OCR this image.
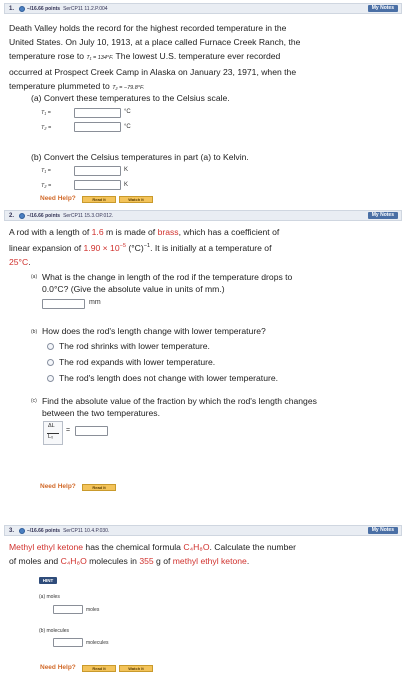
1.	–/16.66 points SerCP11 11.2.P.004	My Notes
Death Valley holds the record for the highest recorded temperature in the
United States. On July 10, 1913, at a place called Furnace Creek Ranch, the
temperature rose to T₁ = 134°F. The lowest U.S. temperature ever recorded
occurred at Prospect Creek Camp in Alaska on January 23, 1971, when the
temperature plummeted to T₂ = −79.8°F.
(a) Convert these temperatures to the Celsius scale.
T₁ =	°C
T₂ =	°C
(b) Convert the Celsius temperatures in part (a) to Kelvin.
T₁ =	K
T₂ =	K
Need Help?	Read It	Watch It
2.	–/16.66 points SerCP11 15.3.OP.012.	My Notes
A rod with a length of 1.6 m is made of brass, which has a coefficient of
linear expansion of $1.90 \times 10^{-5}$ $(^\circ C)^{-1}$. It is initially at a temperature of
25°C.
(a) What is the change in length of the rod if the temperature drops to
0.0°C? (Give the absolute value in units of mm.)
mm
(b) How does the rod's length change with lower temperature?
The rod shrinks with lower temperature.
The rod expands with lower temperature.
The rod's length does not change with lower temperature.
(c) Find the absolute value of the fraction by which the rod's length changes
between the two temperatures.
ΔL
L₀
=
Need Help?	Read It
3.	–/16.66 points SerCP11 10.4.P.030.	My Notes
Methyl ethyl ketone has the chemical formula C₄H₈O. Calculate the number
of moles and C₄H₈O molecules in 355 g of methyl ethyl ketone.
HINT
(a) moles
moles
(b) molecules
molecules
Need Help?	Read It	Watch It
